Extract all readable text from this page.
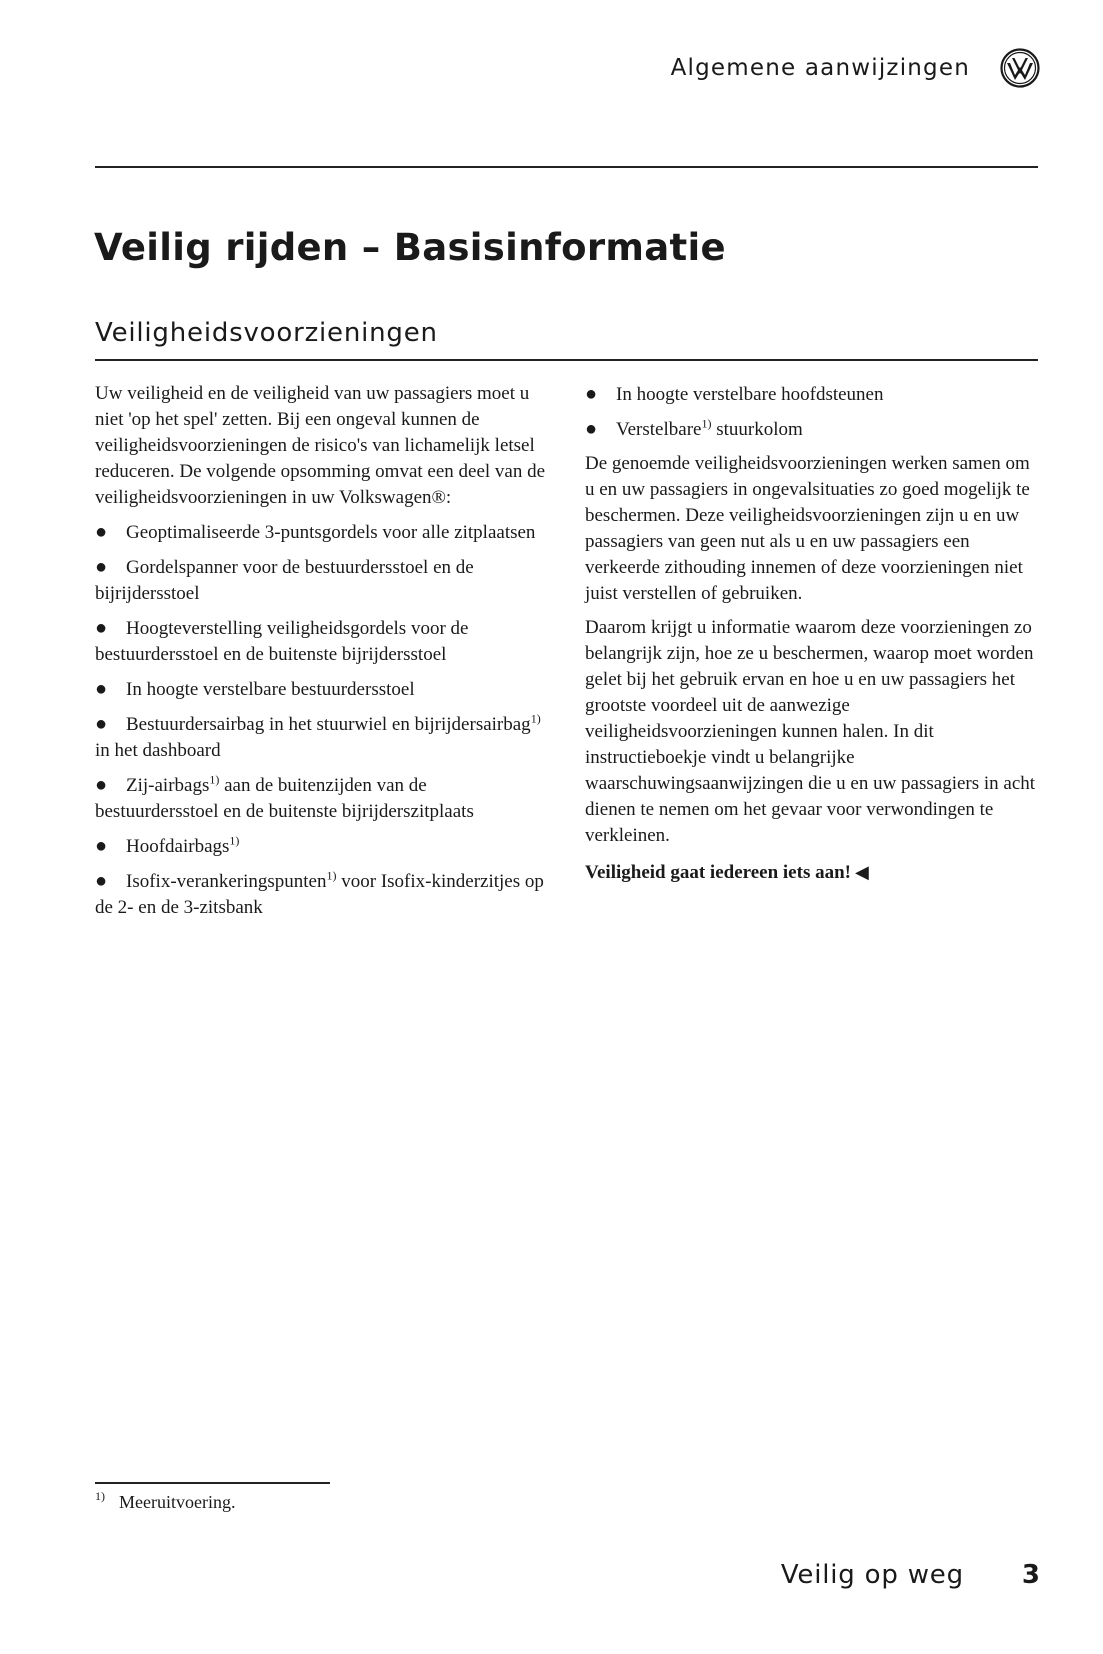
Algemene aanwijzingen
Veilig rijden – Basisinformatie
Veiligheidsvoorzieningen

Uw veiligheid en de veiligheid van uw passagiers moet u niet 'op het spel' zetten. Bij een ongeval kunnen de veiligheidsvoorzieningen de risico's van lichamelijk letsel reduceren. De volgende opsomming omvat een deel van de veiligheidsvoorzieningen in uw Volkswagen®:

● Geoptimaliseerde 3-puntsgordels voor alle zitplaatsen
● Gordelspanner voor de bestuurdersstoel en de bijrijdersstoel
● Hoogteverstelling veiligheidsgordels voor de bestuurdersstoel en de buitenste bijrijdersstoel
● In hoogte verstelbare bestuurdersstoel
● Bestuurdersairbag in het stuurwiel en bijrijdersairbag$^{1)}$ in het dashboard
● Zij-airbags$^{1)}$ aan de buitenzijden van de bestuurdersstoel en de buitenste bijrijderszitplaats
● Hoofdairbags$^{1)}$
● Isofix-verankeringspunten$^{1)}$ voor Isofix-kinderzitjes op de 2- en de 3-zitsbank
● In hoogte verstelbare hoofdsteunen
● Verstelbare$^{1)}$ stuurkolom

De genoemde veiligheidsvoorzieningen werken samen om u en uw passagiers in ongevalsituaties zo goed mogelijk te beschermen. Deze veiligheidsvoorzieningen zijn u en uw passagiers van geen nut als u en uw passagiers een verkeerde zithouding innemen of deze voorzieningen niet juist verstellen of gebruiken.

Daarom krijgt u informatie waarom deze voorzieningen zo belangrijk zijn, hoe ze u beschermen, waarop moet worden gelet bij het gebruik ervan en hoe u en uw passagiers het grootste voordeel uit de aanwezige veiligheidsvoorzieningen kunnen halen. In dit instructieboekje vindt u belangrijke waarschuwingsaanwijzingen die u en uw passagiers in acht dienen te nemen om het gevaar voor verwondingen te verkleinen.

Veiligheid gaat iedereen iets aan! ◀

1) Meeruitvoering.
Veilig op weg 3
